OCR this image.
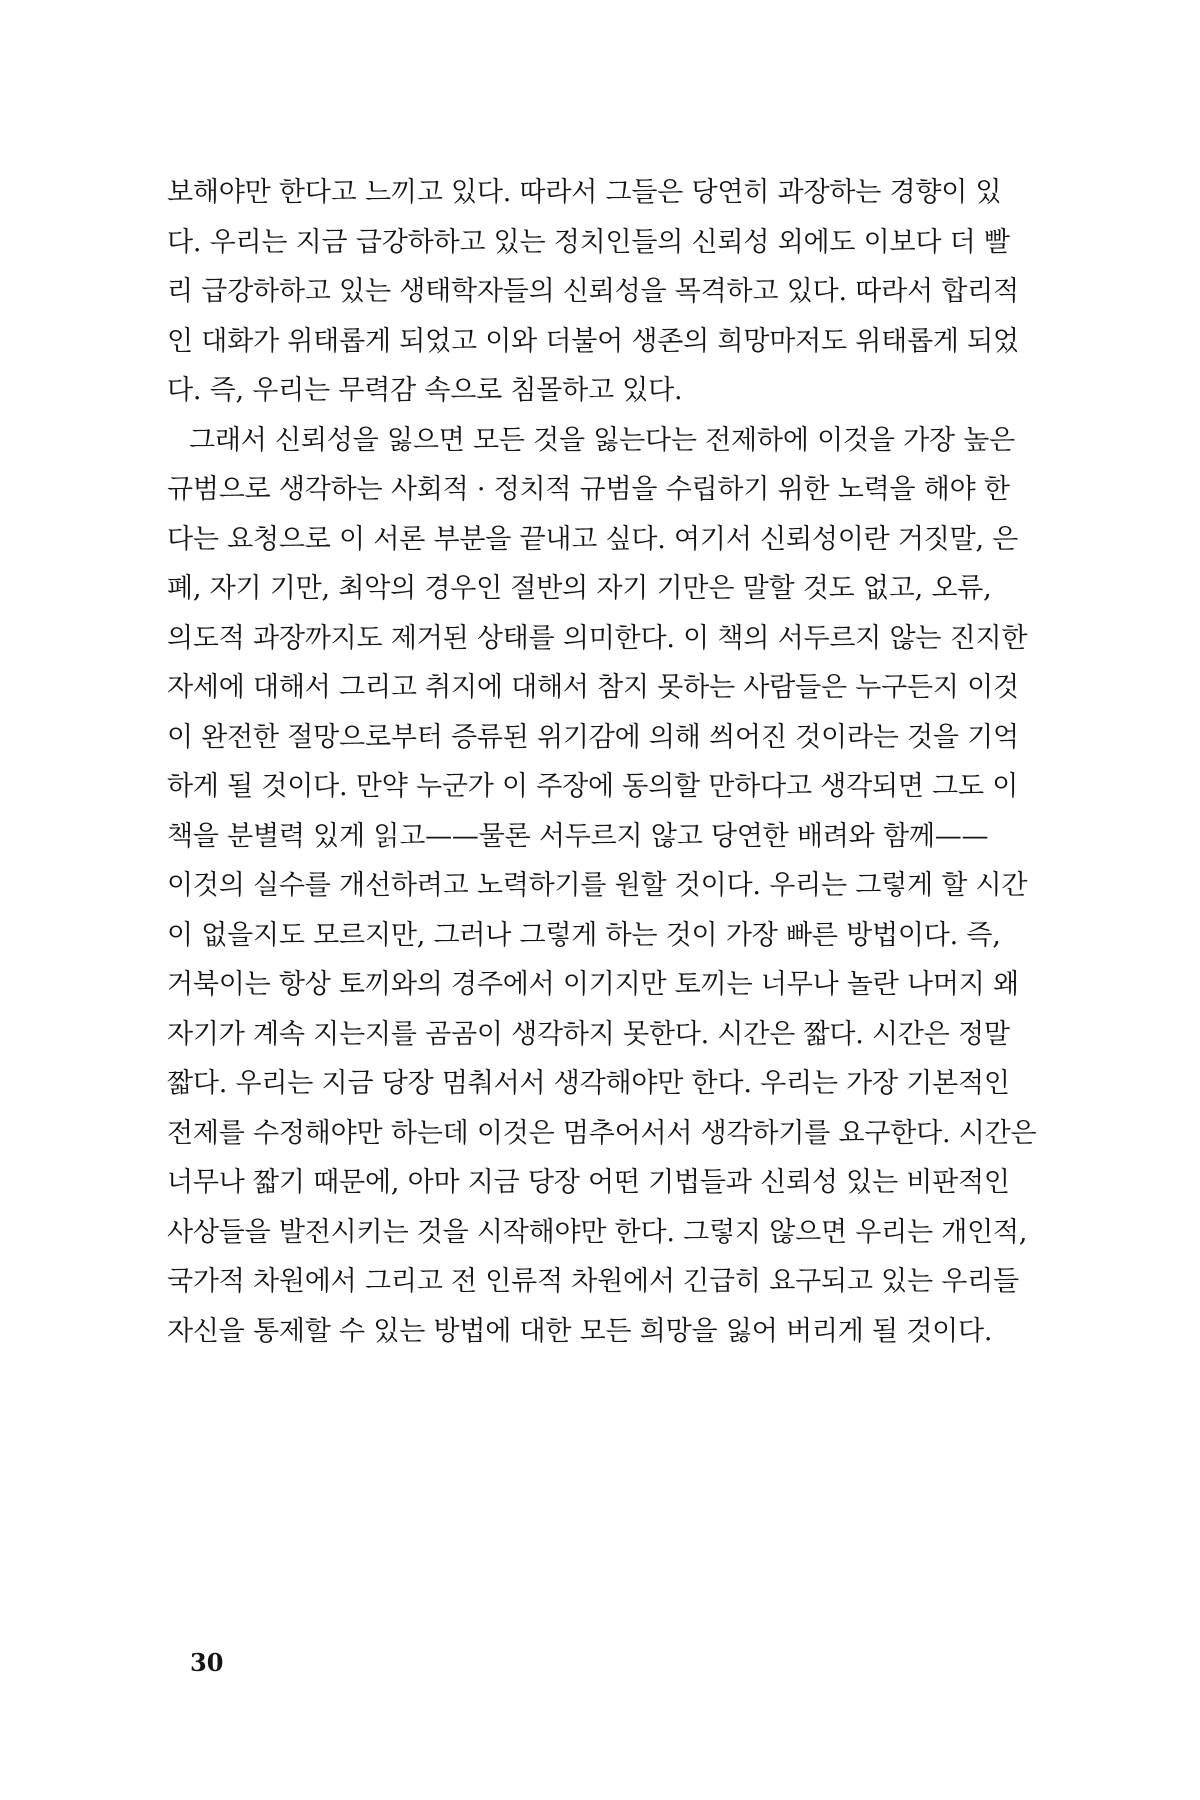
보해야만 한다고 느끼고 있다. 따라서 그들은 당연히 과장하는 경향이 있
다. 우리는 지금 급강하하고 있는 정치인들의 신뢰성 외에도 이보다 더 빨
리 급강하하고 있는 생태학자들의 신뢰성을 목격하고 있다. 따라서 합리적
인 대화가 위태롭게 되었고 이와 더불어 생존의 희망마저도 위태롭게 되었
다. 즉, 우리는 무력감 속으로 침몰하고 있다.
그래서 신뢰성을 잃으면 모든 것을 잃는다는 전제하에 이것을 가장 높은
규범으로 생각하는 사회적 · 정치적 규범을 수립하기 위한 노력을 해야 한
다는 요청으로 이 서론 부분을 끝내고 싶다. 여기서 신뢰성이란 거짓말, 은
폐, 자기 기만, 최악의 경우인 절반의 자기 기만은 말할 것도 없고, 오류,
의도적 과장까지도 제거된 상태를 의미한다. 이 책의 서두르지 않는 진지한
자세에 대해서 그리고 취지에 대해서 참지 못하는 사람들은 누구든지 이것
이 완전한 절망으로부터 증류된 위기감에 의해 씌어진 것이라는 것을 기억
하게 될 것이다. 만약 누군가 이 주장에 동의할 만하다고 생각되면 그도 이
책을 분별력 있게 읽고——물론 서두르지 않고 당연한 배려와 함께——
이것의 실수를 개선하려고 노력하기를 원할 것이다. 우리는 그렇게 할 시간
이 없을지도 모르지만, 그러나 그렇게 하는 것이 가장 빠른 방법이다. 즉,
거북이는 항상 토끼와의 경주에서 이기지만 토끼는 너무나 놀란 나머지 왜
자기가 계속 지는지를 곰곰이 생각하지 못한다. 시간은 짧다. 시간은 정말
짧다. 우리는 지금 당장 멈춰서서 생각해야만 한다. 우리는 가장 기본적인
전제를 수정해야만 하는데 이것은 멈추어서서 생각하기를 요구한다. 시간은
너무나 짧기 때문에, 아마 지금 당장 어떤 기법들과 신뢰성 있는 비판적인
사상들을 발전시키는 것을 시작해야만 한다. 그렇지 않으면 우리는 개인적,
국가적 차원에서 그리고 전 인류적 차원에서 긴급히 요구되고 있는 우리들
자신을 통제할 수 있는 방법에 대한 모든 희망을 잃어 버리게 될 것이다.
30
